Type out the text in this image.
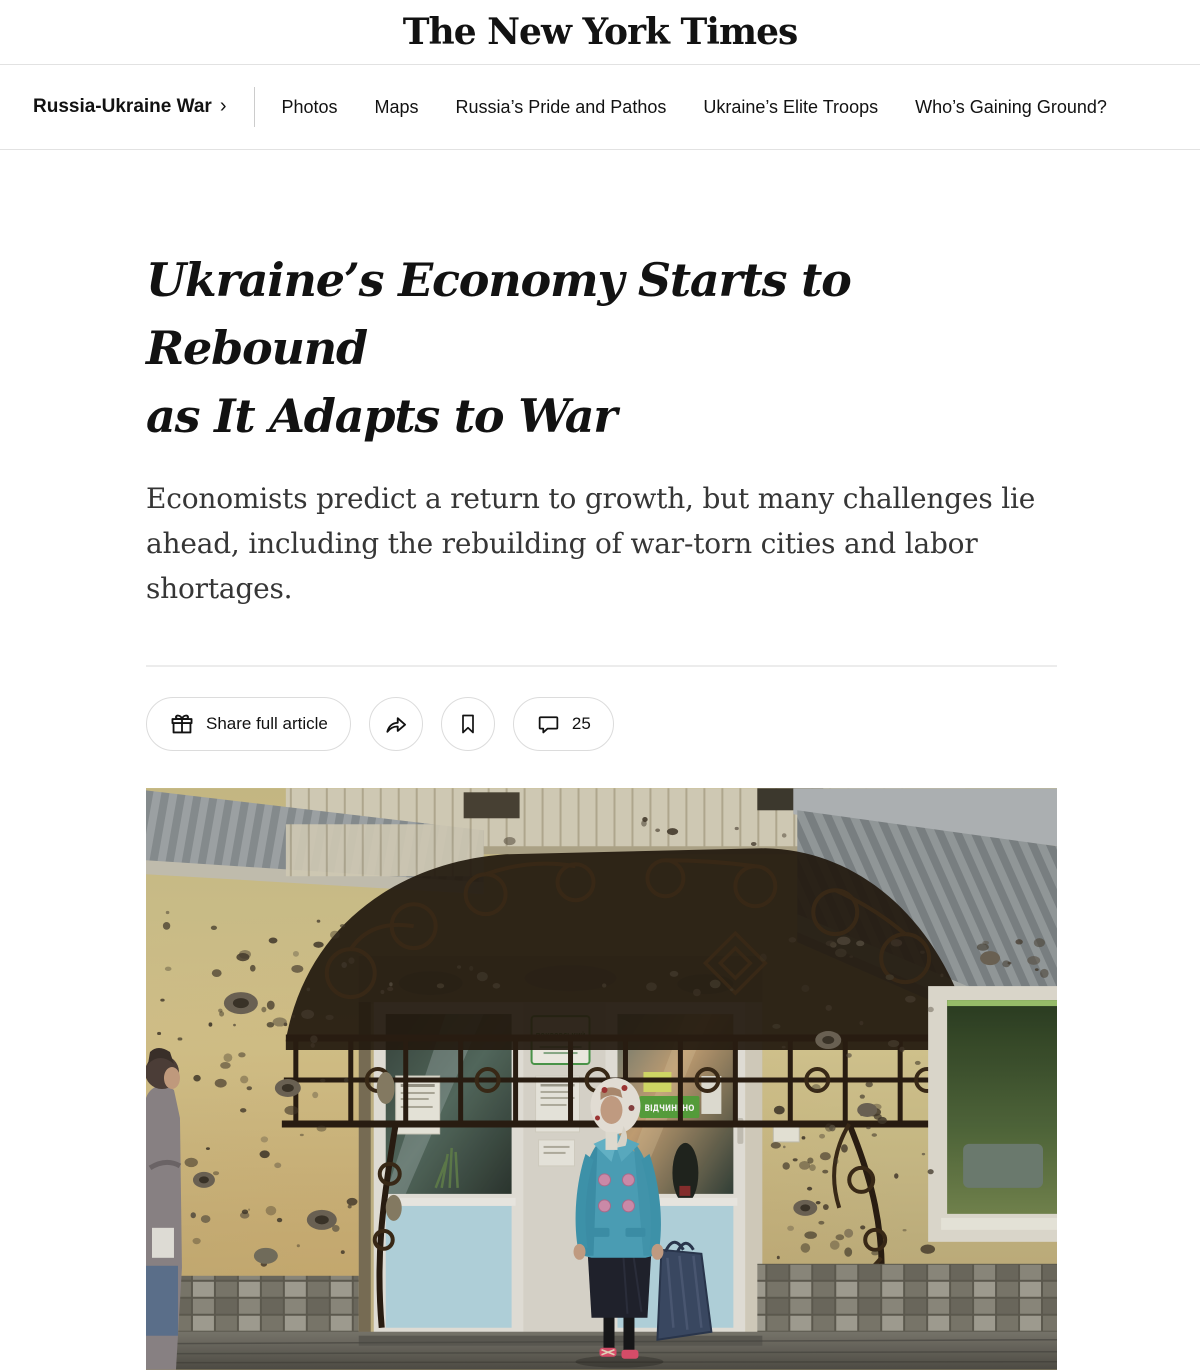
The New York Times
Russia-Ukraine War ›	Photos Maps Russia’s Pride and Pathos Ukraine’s Elite Troops Who’s Gaining Ground?
Ukraine’s Economy Starts to Rebound
as It Adapts to War

Economists predict a return to growth, but many challenges lie ahead, including the rebuilding of war-torn cities and labor shortages.

Share full article	25
ВІДЧИНЕНО
